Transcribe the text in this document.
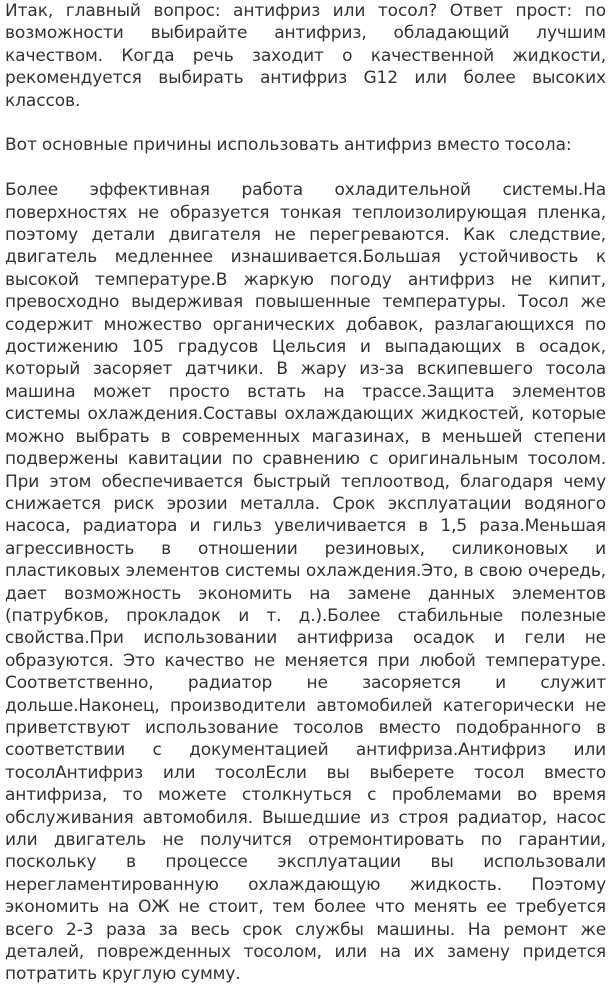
Итак, главный вопрос: антифриз или тосол? Ответ прост: по возможности выбирайте антифриз, обладающий лучшим качеством. Когда речь заходит о качественной жидкости, рекомендуется выбирать антифриз G12 или более высоких классов.

Вот основные причины использовать антифриз вместо тосола:

Более эффективная работа охладительной системы.На поверхностях не образуется тонкая теплоизолирующая пленка, поэтому детали двигателя не перегреваются. Как следствие, двигатель медленнее изнашивается.Большая устойчивость к высокой температуре.В жаркую погоду антифриз не кипит, превосходно выдерживая повышенные температуры. Тосол же содержит множество органических добавок, разлагающихся по достижению 105 градусов Цельсия и выпадающих в осадок, который засоряет датчики. В жару из-за вскипевшего тосола машина может просто встать на трассе.Защита элементов системы охлаждения.Составы охлаждающих жидкостей, которые можно выбрать в современных магазинах, в меньшей степени подвержены кавитации по сравнению с оригинальным тосолом. При этом обеспечивается быстрый теплоотвод, благодаря чему снижается риск эрозии металла. Срок эксплуатации водяного насоса, радиатора и гильз увеличивается в 1,5 раза.Меньшая агрессивность в отношении резиновых, силиконовых и пластиковых элементов системы охлаждения.Это, в свою очередь, дает возможность экономить на замене данных элементов (патрубков, прокладок и т. д.).Более стабильные полезные свойства.При использовании антифриза осадок и гели не образуются. Это качество не меняется при любой температуре. Соответственно, радиатор не засоряется и служит дольше.Наконец, производители автомобилей категорически не приветствуют использование тосолов вместо подобранного в соответствии с документацией антифриза.Антифриз или тосолАнтифриз или тосолЕсли вы выберете тосол вместо антифриза, то можете столкнуться с проблемами во время обслуживания автомобиля. Вышедшие из строя радиатор, насос или двигатель не получится отремонтировать по гарантии, поскольку в процессе эксплуатации вы использовали нерегламентированную охлаждающую жидкость. Поэтому экономить на ОЖ не стоит, тем более что менять ее требуется всего 2-3 раза за весь срок службы машины. На ремонт же деталей, поврежденных тосолом, или на их замену придется потратить круглую сумму.
